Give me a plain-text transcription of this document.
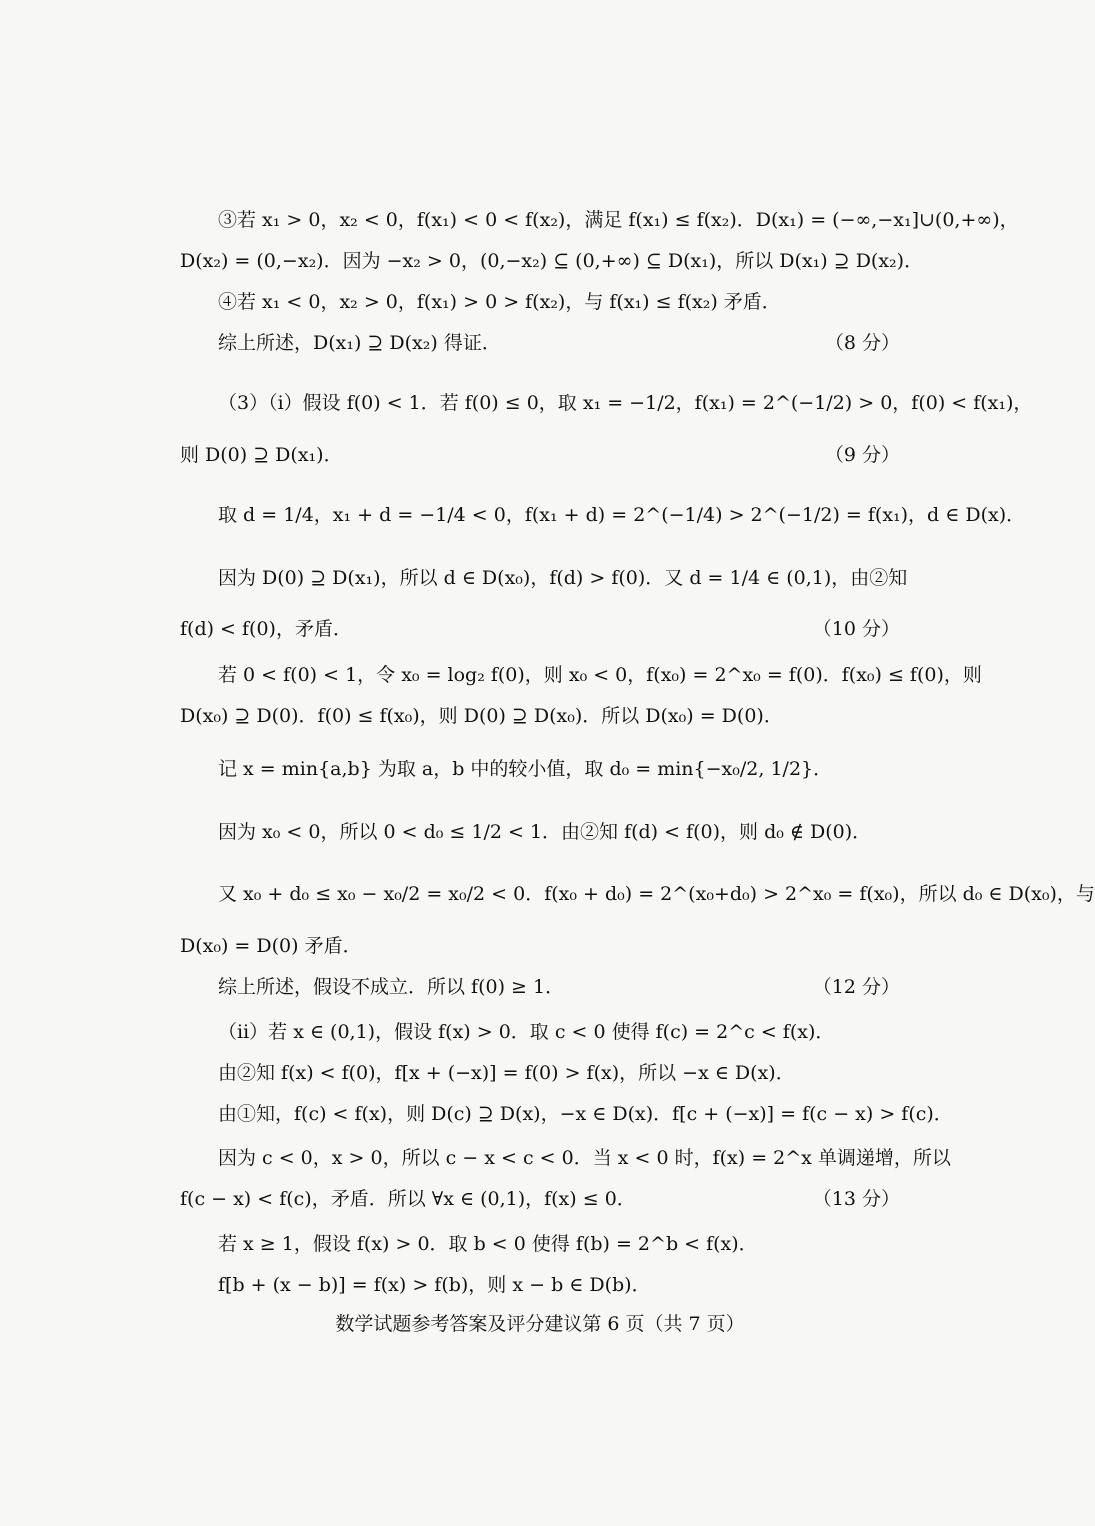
③若 x₁ > 0，x₂ < 0，f(x₁) < 0 < f(x₂)，满足 f(x₁) ≤ f(x₂)．D(x₁) = (−∞,−x₁]∪(0,+∞)，
D(x₂) = (0,−x₂)．因为 −x₂ > 0，(0,−x₂) ⊆ (0,+∞) ⊆ D(x₁)，所以 D(x₁) ⊇ D(x₂)．
④若 x₁ < 0，x₂ > 0，f(x₁) > 0 > f(x₂)，与 f(x₁) ≤ f(x₂) 矛盾．
综上所述，D(x₁) ⊇ D(x₂) 得证．	（8 分）
（3）（ⅰ）假设 f(0) < 1．若 f(0) ≤ 0，取 x₁ = −1/2，f(x₁) = 2^(−1/2) > 0，f(0) < f(x₁)，
则 D(0) ⊇ D(x₁)．	（9 分）
取 d = 1/4，x₁ + d = −1/4 < 0，f(x₁ + d) = 2^(−1/4) > 2^(−1/2) = f(x₁)，d ∈ D(x)．
因为 D(0) ⊇ D(x₁)，所以 d ∈ D(x₀)，f(d) > f(0)．又 d = 1/4 ∈ (0,1)，由②知
f(d) < f(0)，矛盾．	（10 分）
若 0 < f(0) < 1，令 x₀ = log₂ f(0)，则 x₀ < 0，f(x₀) = 2^x₀ = f(0)．f(x₀) ≤ f(0)，则
D(x₀) ⊇ D(0)．f(0) ≤ f(x₀)，则 D(0) ⊇ D(x₀)．所以 D(x₀) = D(0)．
记 x = min{a,b} 为取 a，b 中的较小值，取 d₀ = min{−x₀/2, 1/2}．
因为 x₀ < 0，所以 0 < d₀ ≤ 1/2 < 1．由②知 f(d) < f(0)，则 d₀ ∉ D(0)．
又 x₀ + d₀ ≤ x₀ − x₀/2 = x₀/2 < 0．f(x₀ + d₀) = 2^(x₀+d₀) > 2^x₀ = f(x₀)，所以 d₀ ∈ D(x₀)，与
D(x₀) = D(0) 矛盾．
综上所述，假设不成立．所以 f(0) ≥ 1．	（12 分）
（ⅱ）若 x ∈ (0,1)，假设 f(x) > 0．取 c < 0 使得 f(c) = 2^c < f(x)．
由②知 f(x) < f(0)，f[x + (−x)] = f(0) > f(x)，所以 −x ∈ D(x)．
由①知，f(c) < f(x)，则 D(c) ⊇ D(x)，−x ∈ D(x)．f[c + (−x)] = f(c − x) > f(c)．
因为 c < 0，x > 0，所以 c − x < c < 0．当 x < 0 时，f(x) = 2^x 单调递增，所以
f(c − x) < f(c)，矛盾．所以 ∀x ∈ (0,1)，f(x) ≤ 0．	（13 分）
若 x ≥ 1，假设 f(x) > 0．取 b < 0 使得 f(b) = 2^b < f(x)．
f[b + (x − b)] = f(x) > f(b)，则 x − b ∈ D(b)．
数学试题参考答案及评分建议第 6 页（共 7 页）
